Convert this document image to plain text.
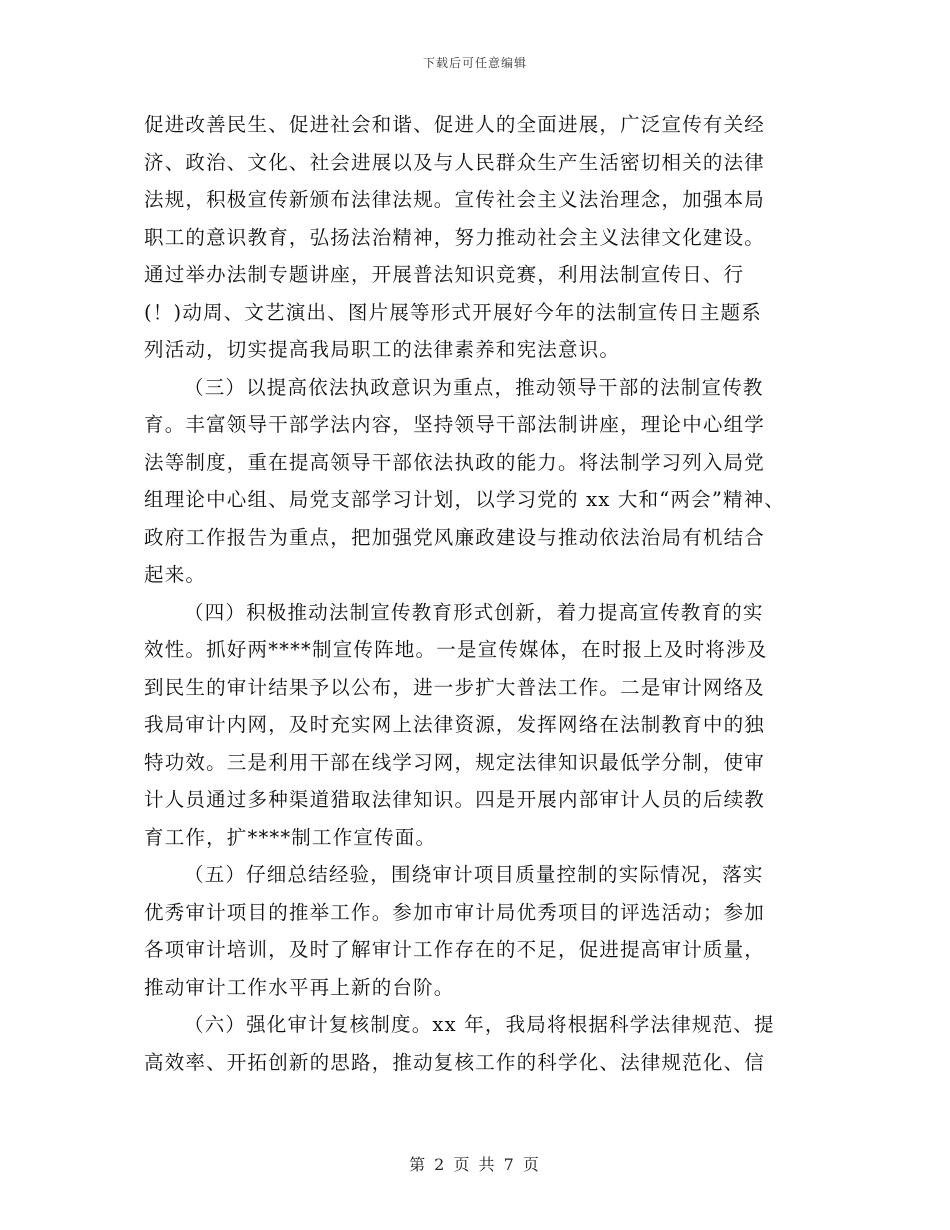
下载后可任意编辑
促进改善民生、促进社会和谐、促进人的全面进展，广泛宣传有关经
济、政治、文化、社会进展以及与人民群众生产生活密切相关的法律
法规，积极宣传新颁布法律法规。宣传社会主义法治理念，加强本局
职工的意识教育，弘扬法治精神，努力推动社会主义法律文化建设。
通过举办法制专题讲座，开展普法知识竞赛，利用法制宣传日、行
(！)动周、文艺演出、图片展等形式开展好今年的法制宣传日主题系
列活动，切实提高我局职工的法律素养和宪法意识。
（三）以提高依法执政意识为重点，推动领导干部的法制宣传教
育。丰富领导干部学法内容，坚持领导干部法制讲座，理论中心组学
法等制度，重在提高领导干部依法执政的能力。将法制学习列入局党
组理论中心组、局党支部学习计划，以学习党的 xx 大和“两会”精神、
政府工作报告为重点，把加强党风廉政建设与推动依法治局有机结合
起来。
（四）积极推动法制宣传教育形式创新，着力提高宣传教育的实
效性。抓好两****制宣传阵地。一是宣传媒体，在时报上及时将涉及
到民生的审计结果予以公布，进一步扩大普法工作。二是审计网络及
我局审计内网，及时充实网上法律资源，发挥网络在法制教育中的独
特功效。三是利用干部在线学习网，规定法律知识最低学分制，使审
计人员通过多种渠道猎取法律知识。四是开展内部审计人员的后续教
育工作，扩****制工作宣传面。
（五）仔细总结经验，围绕审计项目质量控制的实际情况，落实
优秀审计项目的推举工作。参加市审计局优秀项目的评选活动；参加
各项审计培训，及时了解审计工作存在的不足，促进提高审计质量，
推动审计工作水平再上新的台阶。
（六）强化审计复核制度。xx 年，我局将根据科学法律规范、提
高效率、开拓创新的思路，推动复核工作的科学化、法律规范化、信
第 2 页 共 7 页
